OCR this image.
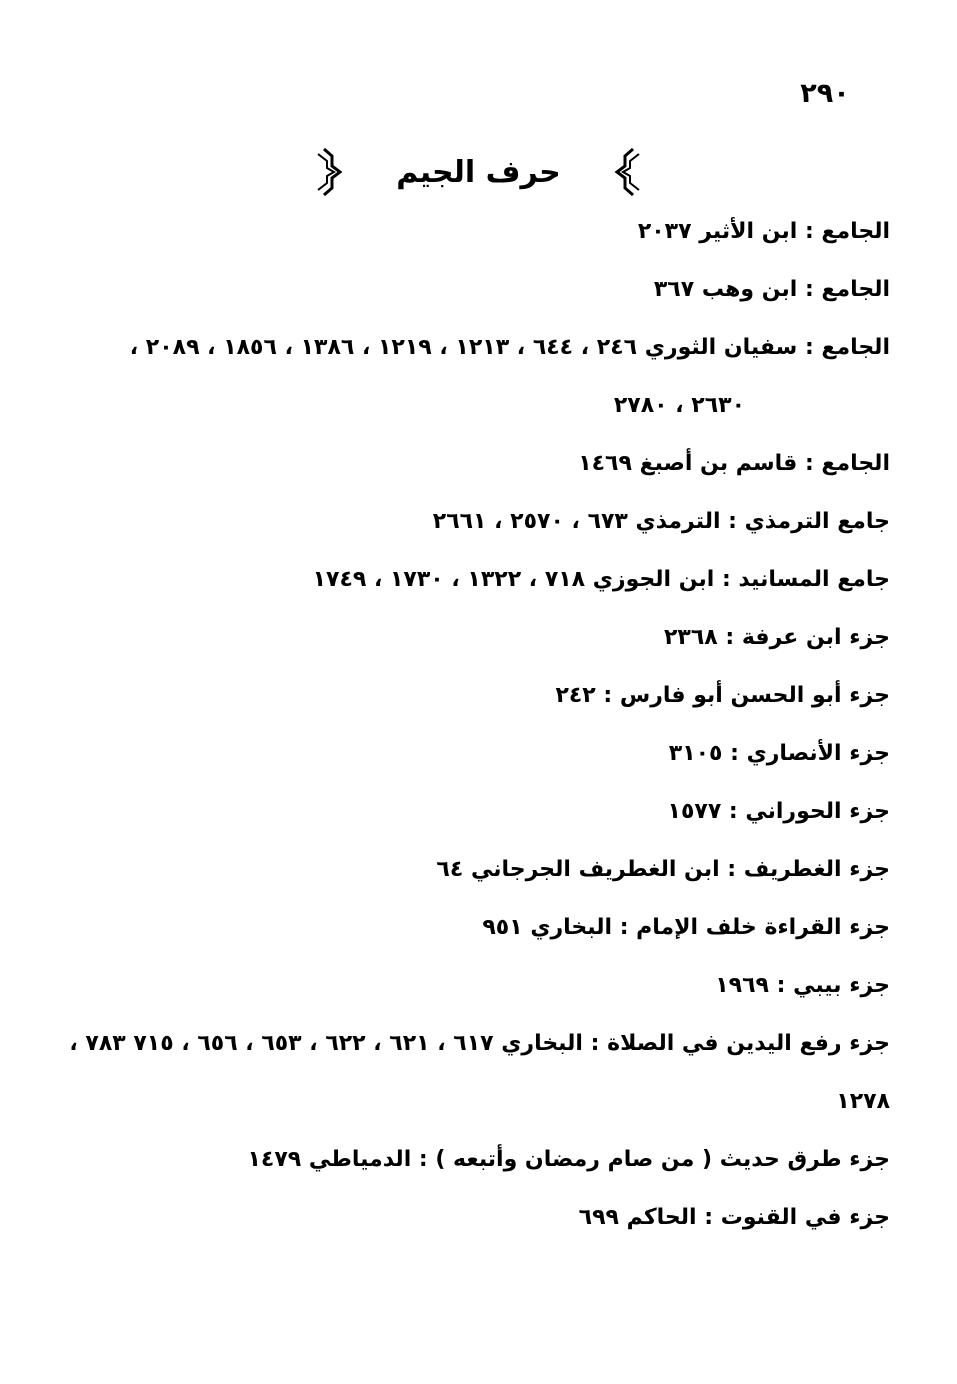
٢٩٠
حرف الجيم
الجامع : ابن الأثير ٢٠٣٧
الجامع : ابن وهب ٣٦٧
الجامع : سفيان الثوري ٢٤٦ ، ٦٤٤ ، ١٢١٣ ، ١٢١٩ ، ١٣٨٦ ، ١٨٥٦ ، ٢٠٨٩ ،
٢٦٣٠ ، ٢٧٨٠
الجامع : قاسم بن أصبغ ١٤٦٩
جامع الترمذي : الترمذي ٦٧٣ ، ٢٥٧٠ ، ٢٦٦١
جامع المسانيد : ابن الجوزي ٧١٨ ، ١٣٢٢ ، ١٧٣٠ ، ١٧٤٩
جزء ابن عرفة : ٢٣٦٨
جزء أبو الحسن أبو فارس : ٢٤٢
جزء الأنصاري : ٣١٠٥
جزء الحوراني : ١٥٧٧
جزء الغطريف : ابن الغطريف الجرجاني ٦٤
جزء القراءة خلف الإمام : البخاري ٩٥١
جزء بيبي : ١٩٦٩
جزء رفع اليدين في الصلاة : البخاري ٦١٧ ، ٦٢١ ، ٦٢٢ ، ٦٥٣ ، ٦٥٦ ، ٧١٥ ٧٨٣ ،
١٢٧٨
جزء طرق حديث ( من صام رمضان وأتبعه ) : الدمياطي ١٤٧٩
جزء في القنوت : الحاكم ٦٩٩
